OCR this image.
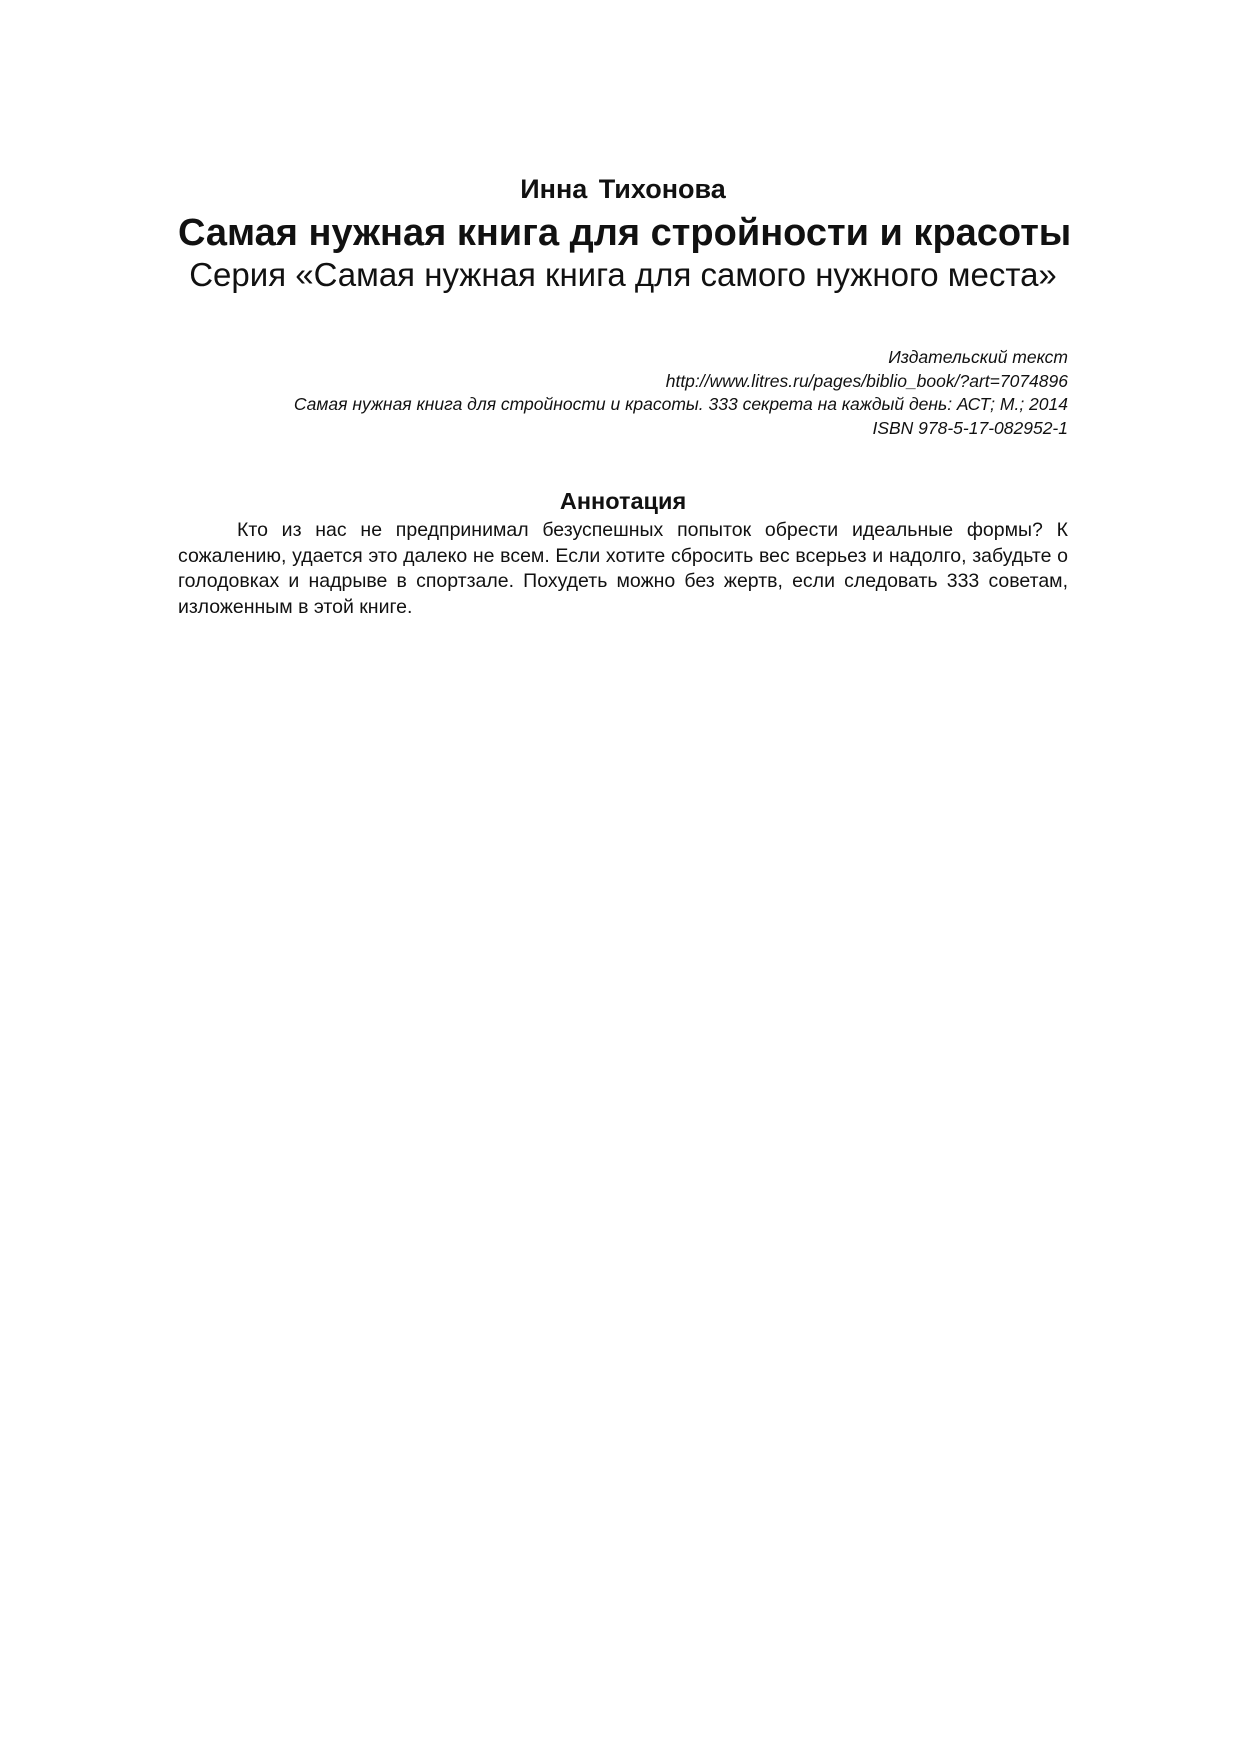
Инна Тихонова
Самая нужная книга для стройности и красоты
Серия «Самая нужная книга для самого нужного места»
Издательский текст
http://www.litres.ru/pages/biblio_book/?art=7074896
Самая нужная книга для стройности и красоты. 333 секрета на каждый день: АСТ; М.; 2014
ISBN 978-5-17-082952-1
Аннотация
Кто из нас не предпринимал безуспешных попыток обрести идеальные формы? К сожалению, удается это далеко не всем. Если хотите сбросить вес всерьез и надолго, забудьте о голодовках и надрыве в спортзале. Похудеть можно без жертв, если следовать 333 советам, изложенным в этой книге.
